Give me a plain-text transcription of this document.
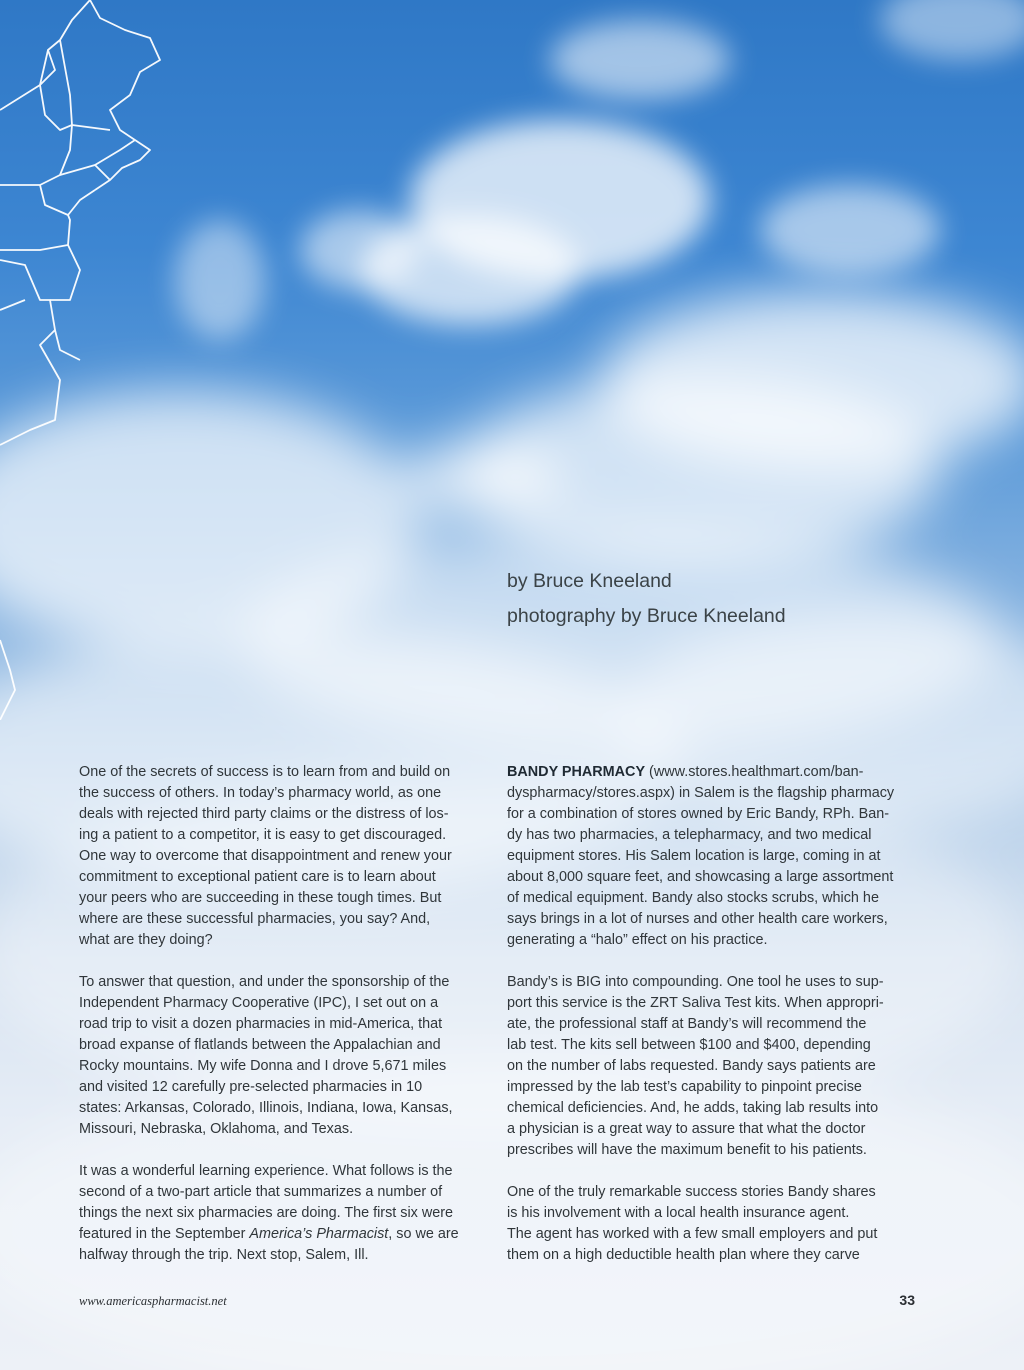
by Bruce Kneeland
photography by Bruce Kneeland
One of the secrets of success is to learn from and build on
the success of others. In today’s pharmacy world, as one
deals with rejected third party claims or the distress of los-
ing a patient to a competitor, it is easy to get discouraged.
One way to overcome that disappointment and renew your
commitment to exceptional patient care is to learn about
your peers who are succeeding in these tough times. But
where are these successful pharmacies, you say? And,
what are they doing?
To answer that question, and under the sponsorship of the
Independent Pharmacy Cooperative (IPC), I set out on a
road trip to visit a dozen pharmacies in mid-America, that
broad expanse of flatlands between the Appalachian and
Rocky mountains. My wife Donna and I drove 5,671 miles
and visited 12 carefully pre-selected pharmacies in 10
states: Arkansas, Colorado, Illinois, Indiana, Iowa, Kansas,
Missouri, Nebraska, Oklahoma, and Texas.
It was a wonderful learning experience. What follows is the
second of a two-part article that summarizes a number of
things the next six pharmacies are doing. The first six were
featured in the September America’s Pharmacist, so we are
halfway through the trip. Next stop, Salem, Ill.
BANDY PHARMACY (www.stores.healthmart.com/ban-
dyspharmacy/stores.aspx) in Salem is the flagship pharmacy
for a combination of stores owned by Eric Bandy, RPh. Ban-
dy has two pharmacies, a telepharmacy, and two medical
equipment stores. His Salem location is large, coming in at
about 8,000 square feet, and showcasing a large assortment
of medical equipment. Bandy also stocks scrubs, which he
says brings in a lot of nurses and other health care workers,
generating a “halo” effect on his practice.
Bandy’s is BIG into compounding. One tool he uses to sup-
port this service is the ZRT Saliva Test kits. When appropri-
ate, the professional staff at Bandy’s will recommend the
lab test. The kits sell between $100 and $400, depending
on the number of labs requested. Bandy says patients are
impressed by the lab test’s capability to pinpoint precise
chemical deficiencies. And, he adds, taking lab results into
a physician is a great way to assure that what the doctor
prescribes will have the maximum benefit to his patients.
One of the truly remarkable success stories Bandy shares
is his involvement with a local health insurance agent.
The agent has worked with a few small employers and put
them on a high deductible health plan where they carve
www.americaspharmacist.net	33
